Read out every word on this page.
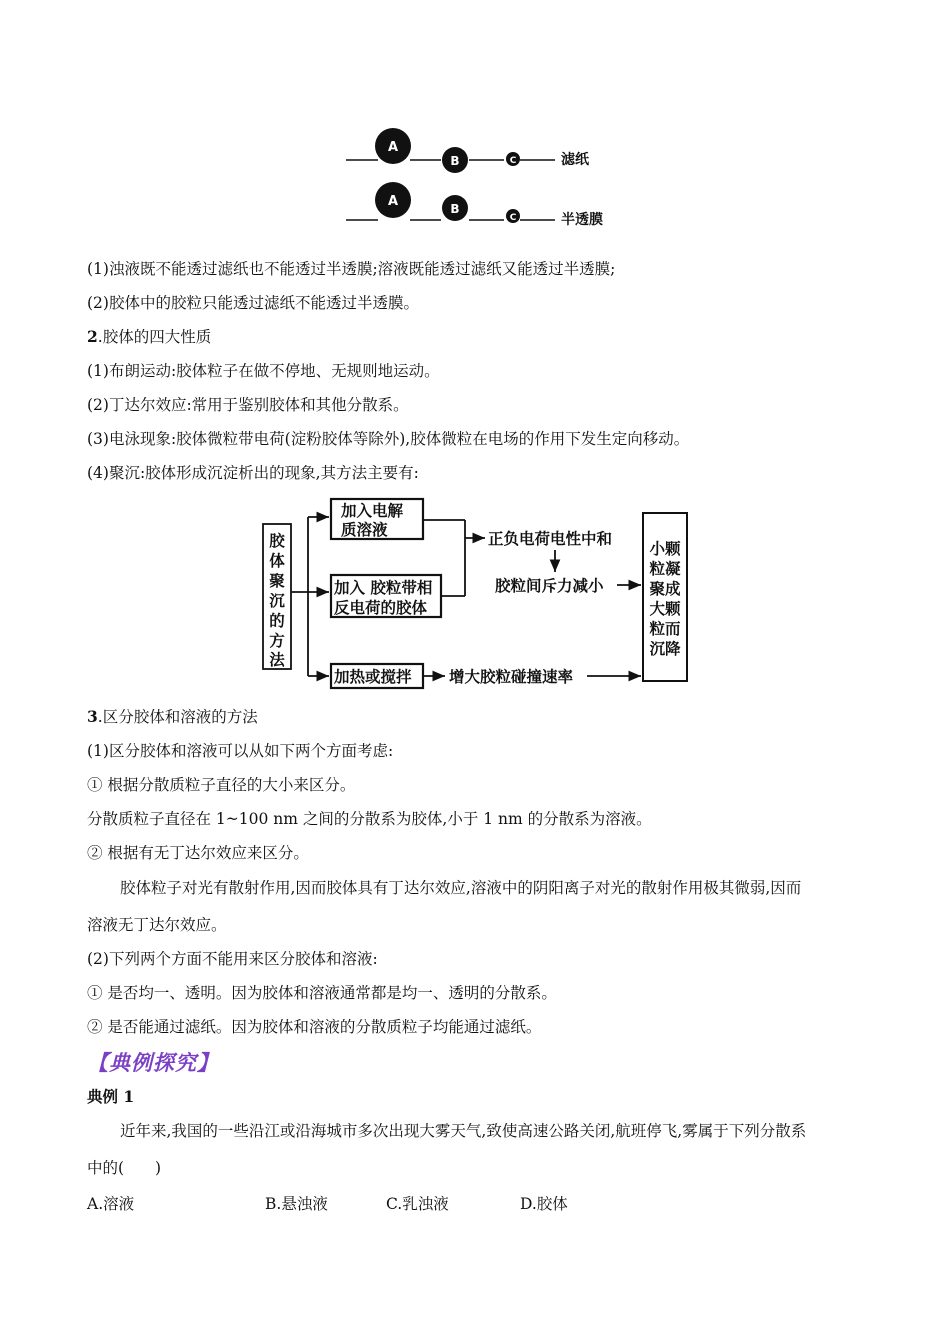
A
B	C	滤纸
A	B
C	半透膜
(1)浊液既不能透过滤纸也不能透过半透膜;溶液既能透过滤纸又能透过半透膜;
(2)胶体中的胶粒只能透过滤纸不能透过半透膜。
2.胶体的四大性质
(1)布朗运动:胶体粒子在做不停地、无规则地运动。
(2)丁达尔效应:常用于鉴别胶体和其他分散系。
(3)电泳现象:胶体微粒带电荷(淀粉胶体等除外),胶体微粒在电场的作用下发生定向移动。
(4)聚沉:胶体形成沉淀析出的现象,其方法主要有:
胶
体
聚
沉
的
方
法
加入电解
质溶液
加入 胶粒带相
反电荷的胶体
加热或搅拌
正负电荷电性中和
胶粒间斥力减小
增大胶粒碰撞速率
小颗
粒凝
聚成
大颗
粒而
沉降
3.区分胶体和溶液的方法
(1)区分胶体和溶液可以从如下两个方面考虑:
① 根据分散质粒子直径的大小来区分。
分散质粒子直径在 1~100 nm 之间的分散系为胶体,小于 1 nm 的分散系为溶液。
② 根据有无丁达尔效应来区分。
胶体粒子对光有散射作用,因而胶体具有丁达尔效应,溶液中的阴阳离子对光的散射作用极其微弱,因而
溶液无丁达尔效应。
(2)下列两个方面不能用来区分胶体和溶液:
① 是否均一、透明。因为胶体和溶液通常都是均一、透明的分散系。
② 是否能通过滤纸。因为胶体和溶液的分散质粒子均能通过滤纸。
【典例探究】
典例 1
近年来,我国的一些沿江或沿海城市多次出现大雾天气,致使高速公路关闭,航班停飞,雾属于下列分散系
中的(　　)
A.溶液	B.悬浊液	C.乳浊液	D.胶体
